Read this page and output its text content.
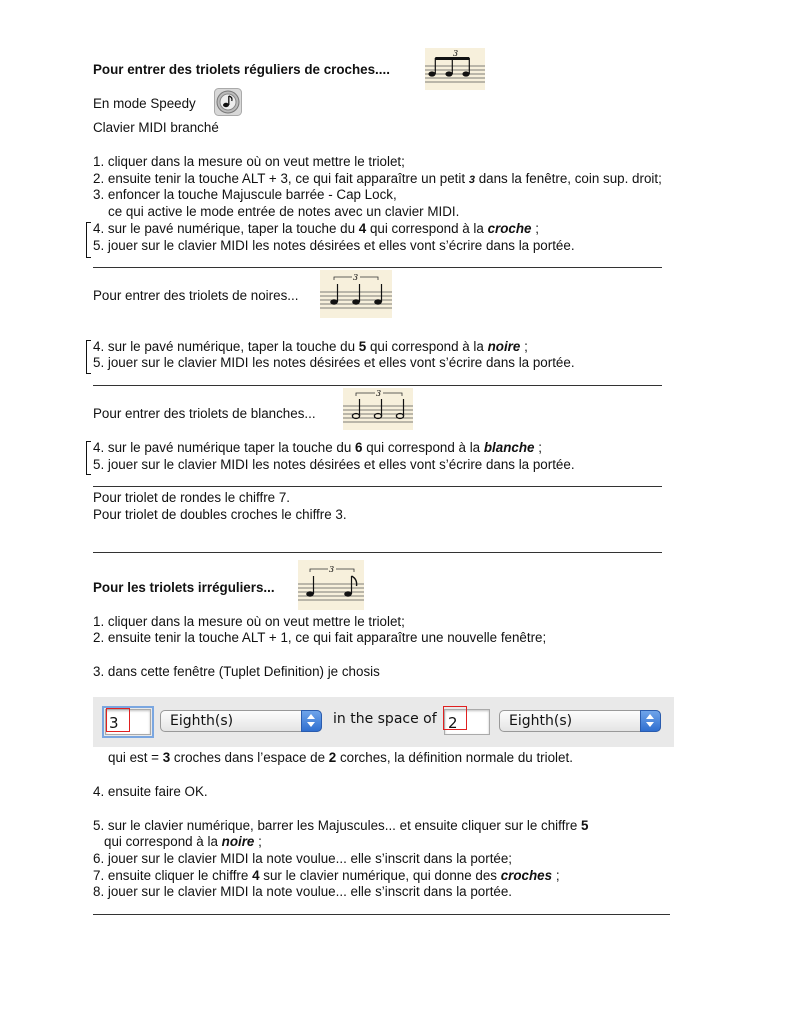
Pour entrer des triolets réguliers de croches....
3
En mode Speedy
Clavier MIDI branché
1. cliquer dans la mesure où on veut mettre le triolet;
2. ensuite tenir la touche ALT + 3, ce qui fait apparaître un petit 3 dans la fenêtre, coin sup. droit;
3. enfoncer la touche Majuscule barrée - Cap Lock,
ce qui active le mode entrée de notes avec un clavier MIDI.
4. sur le pavé numérique, taper la touche du 4 qui correspond à la croche ;
5. jouer sur le clavier MIDI les notes désirées et elles vont s’écrire dans la portée.
Pour entrer des triolets de noires...
3
4. sur le pavé numérique, taper la touche du 5 qui correspond à la noire ;
5. jouer sur le clavier MIDI les notes désirées et elles vont s’écrire dans la portée.
Pour entrer des triolets de blanches...
3
4. sur le pavé numérique taper la touche du 6 qui correspond à la blanche ;
5. jouer sur le clavier MIDI les notes désirées et elles vont s’écrire dans la portée.
Pour triolet de rondes le chiffre 7.
Pour triolet de doubles croches le chiffre 3.
Pour les triolets irréguliers...
3
1. cliquer dans la mesure où on veut mettre le triolet;
2. ensuite tenir la touche ALT + 1, ce qui fait apparaître une nouvelle fenêtre;
3. dans cette fenêtre (Tuplet Definition) je chosis
3	Eighth(s)	in the space of 2	Eighth(s)
qui est = 3 croches dans l’espace de 2 corches, la définition normale du triolet.
4. ensuite faire OK.
5. sur le clavier numérique, barrer les Majuscules... et ensuite cliquer sur le chiffre 5
qui correspond à la noire ;
6. jouer sur le clavier MIDI la note voulue... elle s’inscrit dans la portée;
7. ensuite cliquer le chiffre 4 sur le clavier numérique, qui donne des croches ;
8. jouer sur le clavier MIDI la note voulue... elle s’inscrit dans la portée.
